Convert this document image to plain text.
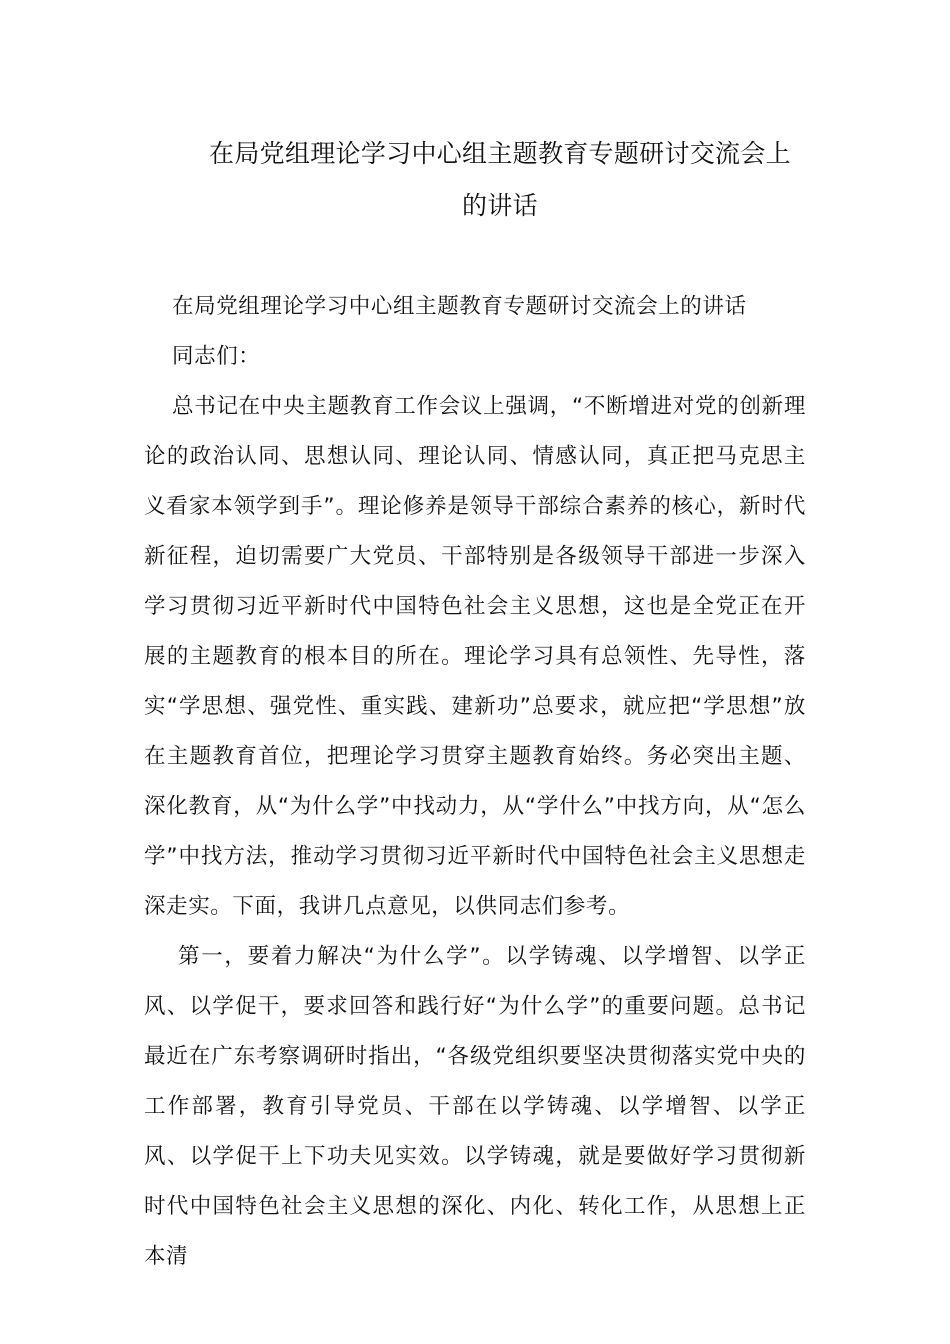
在局党组理论学习中心组主题教育专题研讨交流会上
的讲话

在局党组理论学习中心组主题教育专题研讨交流会上的讲话

同志们：

总书记在中央主题教育工作会议上强调，“不断增进对党的创新理论的政治认同、思想认同、理论认同、情感认同，真正把马克思主义看家本领学到手”。理论修养是领导干部综合素养的核心，新时代新征程，迫切需要广大党员、干部特别是各级领导干部进一步深入学习贯彻习近平新时代中国特色社会主义思想，这也是全党正在开展的主题教育的根本目的所在。理论学习具有总领性、先导性，落实“学思想、强党性、重实践、建新功”总要求，就应把“学思想”放在主题教育首位，把理论学习贯穿主题教育始终。务必突出主题、深化教育，从“为什么学”中找动力，从“学什么”中找方向，从“怎么学”中找方法，推动学习贯彻习近平新时代中国特色社会主义思想走深走实。下面，我讲几点意见，以供同志们参考。

第一，要着力解决“为什么学”。以学铸魂、以学增智、以学正风、以学促干，要求回答和践行好“为什么学”的重要问题。总书记最近在广东考察调研时指出，“各级党组织要坚决贯彻落实党中央的工作部署，教育引导党员、干部在以学铸魂、以学增智、以学正风、以学促干上下功夫见实效。以学铸魂，就是要做好学习贯彻新时代中国特色社会主义思想的深化、内化、转化工作，从思想上正本清
